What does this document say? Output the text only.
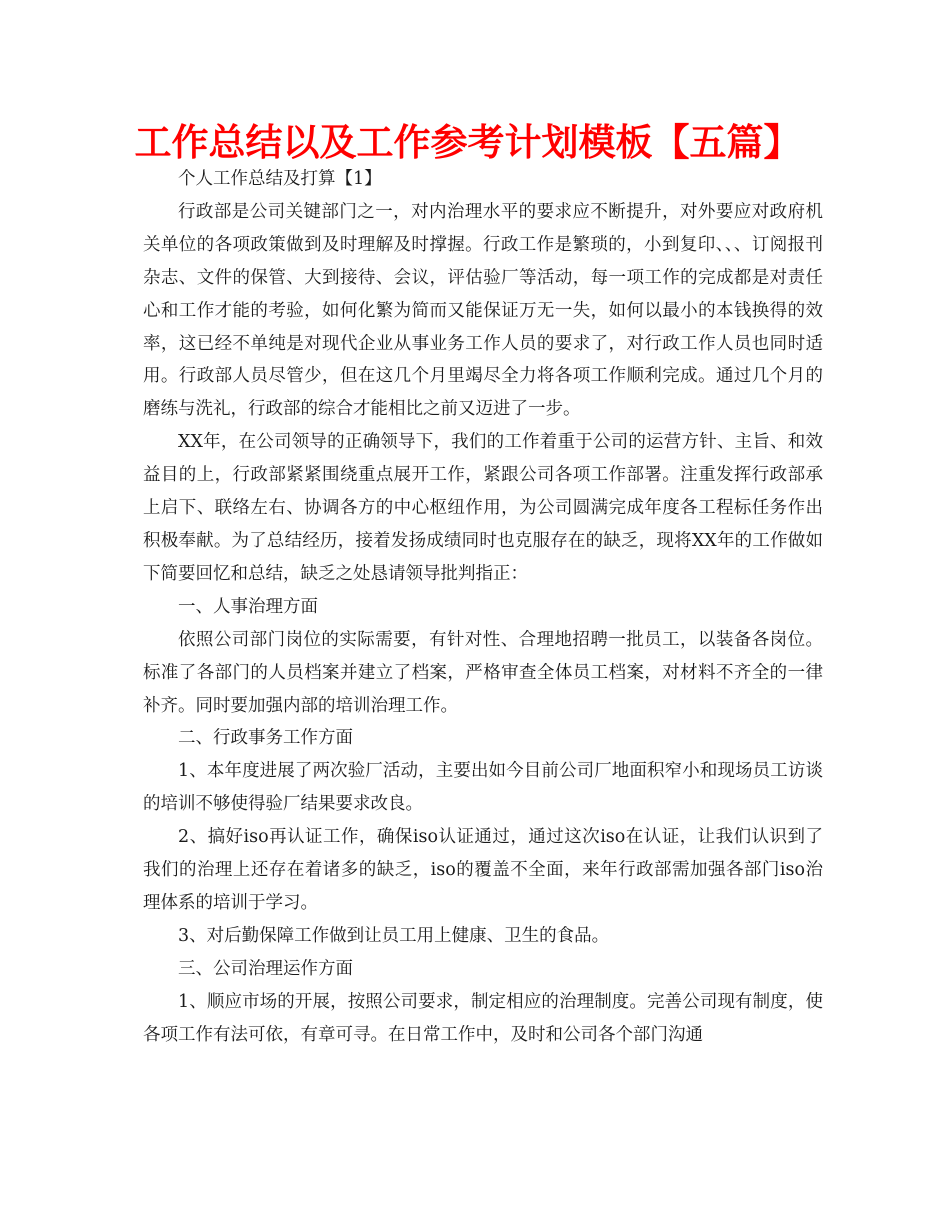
工作总结以及工作参考计划模板【五篇】

个人工作总结及打算【1】

行政部是公司关键部门之一，对内治理水平的要求应不断提升，对外要应对政府机关单位的各项政策做到及时理解及时撑握。行政工作是繁琐的，小到复印、、、订阅报刊杂志、文件的保管、大到接待、会议，评估验厂等活动，每一项工作的完成都是对责任心和工作才能的考验，如何化繁为简而又能保证万无一失，如何以最小的本钱换得的效率，这已经不单纯是对现代企业从事业务工作人员的要求了，对行政工作人员也同时适用。行政部人员尽管少，但在这几个月里竭尽全力将各项工作顺利完成。通过几个月的磨练与洗礼，行政部的综合才能相比之前又迈进了一步。

XX年，在公司领导的正确领导下，我们的工作着重于公司的运营方针、主旨、和效益目的上，行政部紧紧围绕重点展开工作，紧跟公司各项工作部署。注重发挥行政部承上启下、联络左右、协调各方的中心枢纽作用，为公司圆满完成年度各工程标任务作出积极奉献。为了总结经历，接着发扬成绩同时也克服存在的缺乏，现将XX年的工作做如下简要回忆和总结，缺乏之处恳请领导批判指正：

一、人事治理方面

依照公司部门岗位的实际需要，有针对性、合理地招聘一批员工，以装备各岗位。标准了各部门的人员档案并建立了档案，严格审查全体员工档案，对材料不齐全的一律补齐。同时要加强内部的培训治理工作。

二、行政事务工作方面

1、本年度进展了两次验厂活动，主要出如今目前公司厂地面积窄小和现场员工访谈的培训不够使得验厂结果要求改良。

2、搞好iso再认证工作，确保iso认证通过，通过这次iso在认证，让我们认识到了我们的治理上还存在着诸多的缺乏，iso的覆盖不全面，来年行政部需加强各部门iso治理体系的培训于学习。

3、对后勤保障工作做到让员工用上健康、卫生的食品。

三、公司治理运作方面

1、顺应市场的开展，按照公司要求，制定相应的治理制度。完善公司现有制度，使各项工作有法可依，有章可寻。在日常工作中，及时和公司各个部门沟通
